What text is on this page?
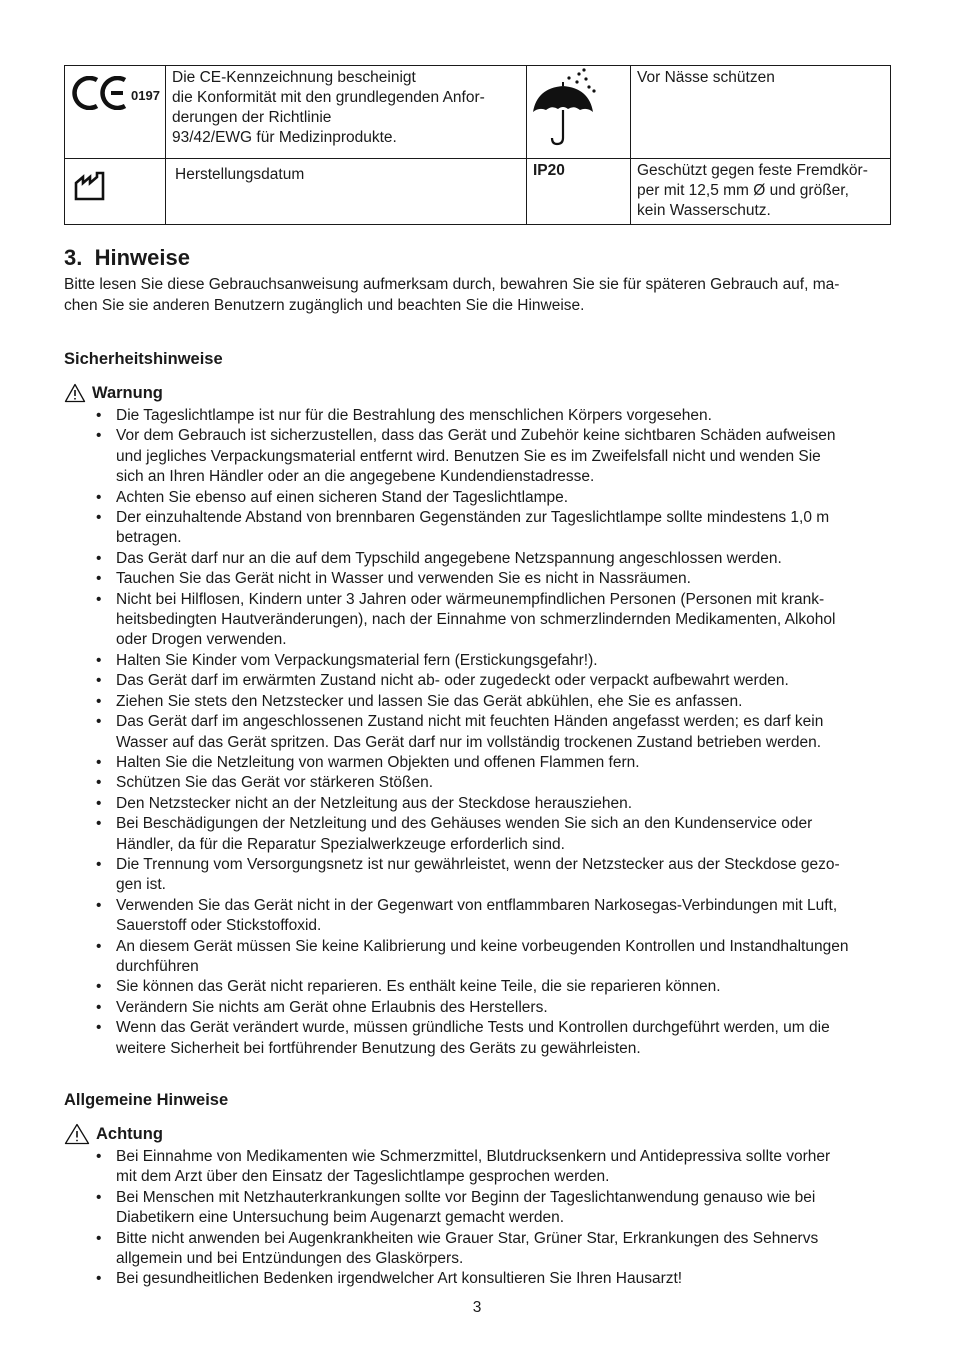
0197	Die CE-Kennzeichnung bescheinigt
die Konformität mit den grundlegenden Anfor-
derungen der Richtlinie
93/42/EWG für Medizinprodukte.		Vor Nässe schützen
	Herstellungsdatum	IP20	Geschützt gegen feste Fremdkör-
per mit 12,5 mm Ø und größer,
kein Wasserschutz.
3.  Hinweise

Bitte lesen Sie diese Gebrauchsanweisung aufmerksam durch, bewahren Sie sie für späteren Gebrauch auf, ma-
chen Sie sie anderen Benutzern zugänglich und beachten Sie die Hinweise.

Sicherheitshinweise
Warnung
• Die Tageslichtlampe ist nur für die Bestrahlung des menschlichen Körpers vorgesehen.
• Vor dem Gebrauch ist sicherzustellen, dass das Gerät und Zubehör keine sichtbaren Schäden aufweisen
und jegliches Verpackungsmaterial entfernt wird. Benutzen Sie es im Zweifelsfall nicht und wenden Sie
sich an Ihren Händler oder an die angegebene Kundendienstadresse.
• Achten Sie ebenso auf einen sicheren Stand der Tageslichtlampe.
• Der einzuhaltende Abstand von brennbaren Gegenständen zur Tageslichtlampe sollte mindestens 1,0 m
betragen.
• Das Gerät darf nur an die auf dem Typschild angegebene Netzspannung angeschlossen werden.
• Tauchen Sie das Gerät nicht in Wasser und verwenden Sie es nicht in Nassräumen.
• Nicht bei Hilflosen, Kindern unter 3 Jahren oder wärmeunempfindlichen Personen (Personen mit krank-
heitsbedingten Hautveränderungen), nach der Einnahme von schmerzlindernden Medikamenten, Alkohol
oder Drogen verwenden.
• Halten Sie Kinder vom Verpackungsmaterial fern (Erstickungsgefahr!).
• Das Gerät darf im erwärmten Zustand nicht ab- oder zugedeckt oder verpackt aufbewahrt werden.
• Ziehen Sie stets den Netzstecker und lassen Sie das Gerät abkühlen, ehe Sie es anfassen.
• Das Gerät darf im angeschlossenen Zustand nicht mit feuchten Händen angefasst werden; es darf kein
Wasser auf das Gerät spritzen. Das Gerät darf nur im vollständig trockenen Zustand betrieben werden.
• Halten Sie die Netzleitung von warmen Objekten und offenen Flammen fern.
• Schützen Sie das Gerät vor stärkeren Stößen.
• Den Netzstecker nicht an der Netzleitung aus der Steckdose herausziehen.
• Bei Beschädigungen der Netzleitung und des Gehäuses wenden Sie sich an den Kundenservice oder
Händler, da für die Reparatur Spezialwerkzeuge erforderlich sind.
• Die Trennung vom Versorgungsnetz ist nur gewährleistet, wenn der Netzstecker aus der Steckdose gezo-
gen ist.
• Verwenden Sie das Gerät nicht in der Gegenwart von entflammbaren Narkosegas-Verbindungen mit Luft,
Sauerstoff oder Stickstoffoxid.
• An diesem Gerät müssen Sie keine Kalibrierung und keine vorbeugenden Kontrollen und Instandhaltungen
durchführen
• Sie können das Gerät nicht reparieren. Es enthält keine Teile, die sie reparieren können.
• Verändern Sie nichts am Gerät ohne Erlaubnis des Herstellers.
• Wenn das Gerät verändert wurde, müssen gründliche Tests und Kontrollen durchgeführt werden, um die
weitere Sicherheit bei fortführender Benutzung des Geräts zu gewährleisten.
Allgemeine Hinweise
Achtung
• Bei Einnahme von Medikamenten wie Schmerzmittel, Blutdrucksenkern und Antidepressiva sollte vorher
mit dem Arzt über den Einsatz der Tageslichtlampe gesprochen werden.
• Bei Menschen mit Netzhauterkrankungen sollte vor Beginn der Tageslichtanwendung genauso wie bei
Diabetikern eine Untersuchung beim Augenarzt gemacht werden.
• Bitte nicht anwenden bei Augenkrankheiten wie Grauer Star, Grüner Star, Erkrankungen des Sehnervs
allgemein und bei Entzündungen des Glaskörpers.
• Bei gesundheitlichen Bedenken irgendwelcher Art konsultieren Sie Ihren Hausarzt!
3
